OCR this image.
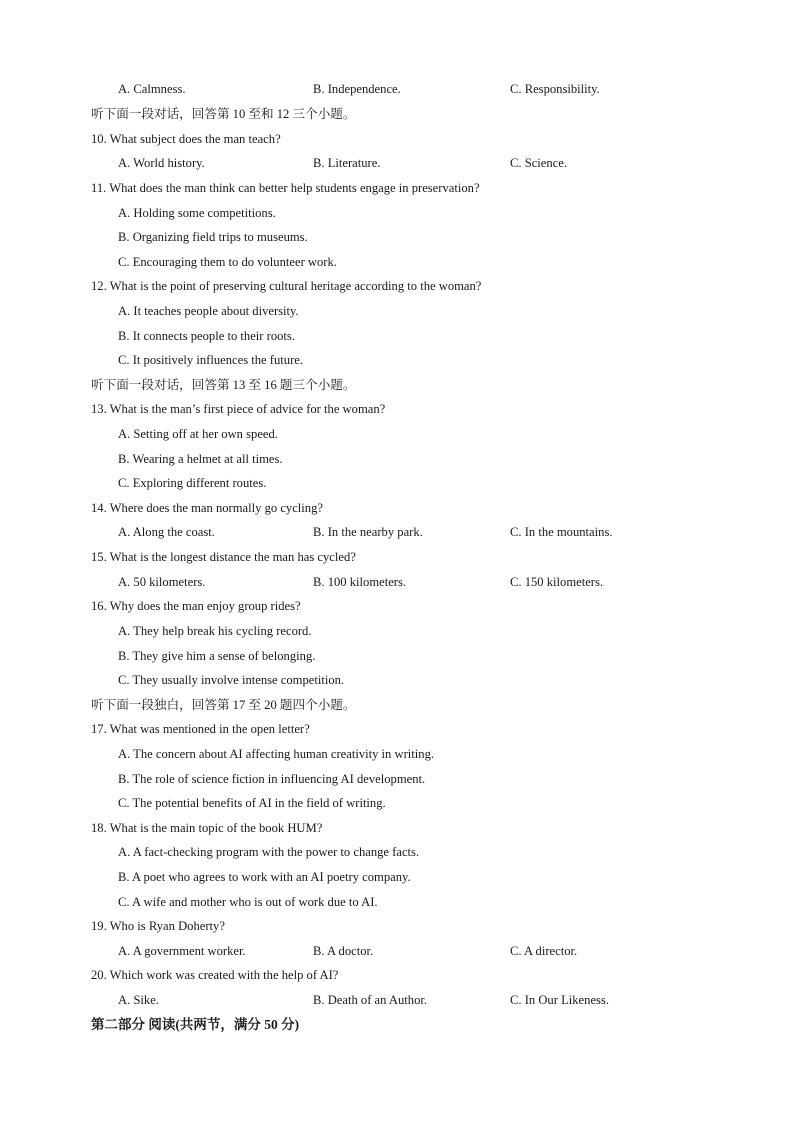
A. Calmness.	B. Independence.	C. Responsibility.
听下面一段对话，回答第 10 至和 12 三个小题。
10. What subject does the man teach?
A. World history.	B. Literature.	C. Science.
11. What does the man think can better help students engage in preservation?
A. Holding some competitions.
B. Organizing field trips to museums.
C. Encouraging them to do volunteer work.
12. What is the point of preserving cultural heritage according to the woman?
A. It teaches people about diversity.
B. It connects people to their roots.
C. It positively influences the future.
听下面一段对话，回答第 13 至 16 题三个小题。
13. What is the man’s first piece of advice for the woman?
A. Setting off at her own speed.
B. Wearing a helmet at all times.
C. Exploring different routes.
14. Where does the man normally go cycling?
A. Along the coast.	B. In the nearby park.	C. In the mountains.
15. What is the longest distance the man has cycled?
A. 50 kilometers.	B. 100 kilometers.	C. 150 kilometers.
16. Why does the man enjoy group rides?
A. They help break his cycling record.
B. They give him a sense of belonging.
C. They usually involve intense competition.
听下面一段独白，回答第 17 至 20 题四个小题。
17. What was mentioned in the open letter?
A. The concern about AI affecting human creativity in writing.
B. The role of science fiction in influencing AI development.
C. The potential benefits of AI in the field of writing.
18. What is the main topic of the book HUM?
A. A fact-checking program with the power to change facts.
B. A poet who agrees to work with an AI poetry company.
C. A wife and mother who is out of work due to AI.
19. Who is Ryan Doherty?
A. A government worker.	B. A doctor.	C. A director.
20. Which work was created with the help of AI?
A. Sike.	B. Death of an Author.	C. In Our Likeness.
第二部分 阅读(共两节，满分 50 分)
